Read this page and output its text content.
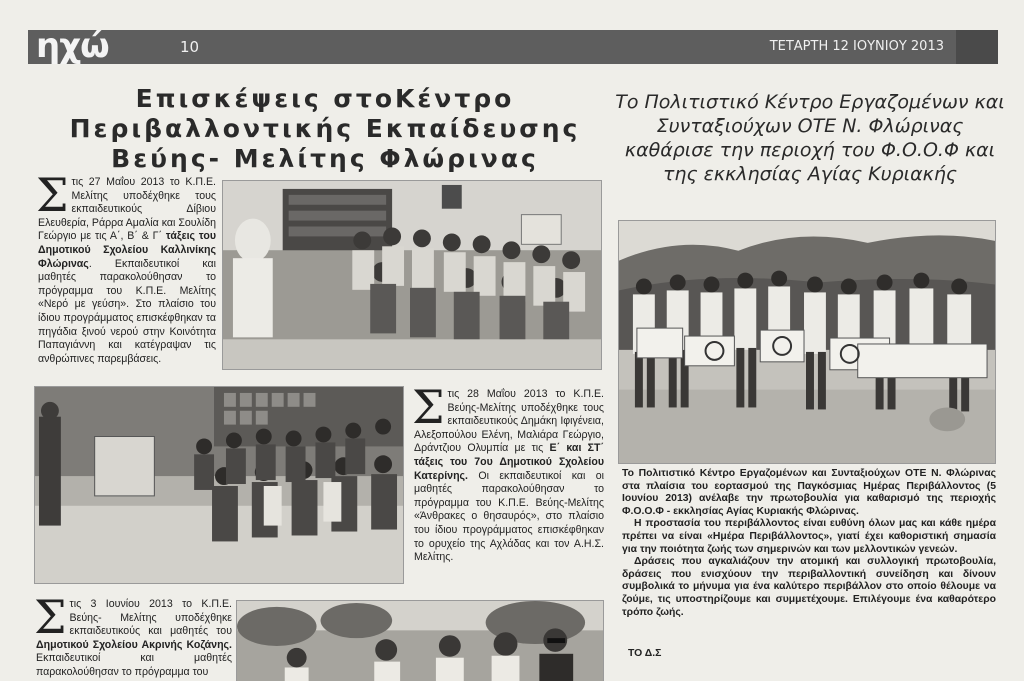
ηχώ	10	ΤΕΤΑΡΤΗ 12 ΙΟΥΝΙΟΥ 2013
Επισκέψεις στοΚέντρο Περιβαλλοντικής Εκπαίδευσης Βεύης- Μελίτης Φλώρινας
Στις 27 Μαΐου 2013 το Κ.Π.Ε. Μελίτης υποδέχθηκε τους εκπαιδευτικούς Δίβιου Ελευθερία, Ράρρα Αμαλία και Σουλίδη Γεώργιο με τις Α΄, Β΄ & Γ΄ τάξεις του Δημοτικού Σχολείου Καλλινίκης Φλώρινας. Εκπαιδευτικοί και μαθητές παρακολούθησαν το πρόγραμμα του Κ.Π.Ε. Μελίτης «Νερό με γεύση». Στο πλαίσιο του ίδιου προγράμματος επισκέφθηκαν τα πηγάδια ξινού νερού στην Κοινότητα Παπαγιάννη και κατέγραψαν τις ανθρώπινες παρεμβάσεις.
Στις 28 Μαΐου 2013 το Κ.Π.Ε. Βεύης-Μελίτης υποδέχθηκε τους εκπαιδευτικούς Δημάκη Ιφιγένεια, Αλεξοπούλου Ελένη, Μαλιάρα Γεώργιο, Δράντζιου Ολυμπία με τις Ε΄ και ΣΤ΄ τάξεις του 7ου Δημοτικού Σχολείου Κατερίνης. Οι εκπαιδευτικοί και οι μαθητές παρακολούθησαν το πρόγραμμα του Κ.Π.Ε. Βεύης-Μελίτης «Άνθρακες ο θησαυρός», στο πλαίσιο του ίδιου προγράμματος επισκέφθηκαν το ορυχείο της Αχλάδας και τον Α.Η.Σ. Μελίτης.
Στις 3 Ιουνίου 2013 το Κ.Π.Ε. Βεύης- Μελίτης υποδέχθηκε εκπαιδευτικούς και μαθητές του Δημοτικού Σχολείου Ακρινής Κοζάνης. Εκπαιδευτικοί και μαθητές παρακολούθησαν το πρόγραμμα του
Το Πολιτιστικό Κέντρο Εργαζομένων και Συνταξιούχων ΟΤΕ Ν. Φλώρινας καθάρισε την περιοχή του Φ.Ο.Ο.Φ και της εκκλησίας Αγίας Κυριακής

Το Πολιτιστικό Κέντρο Εργαζομένων και Συνταξιούχων ΟΤΕ Ν. Φλώρινας στα πλαίσια του εορτασμού της Παγκόσμιας Ημέρας Περιβάλλοντος (5 Ιουνίου 2013) ανέλαβε την πρωτοβουλία για καθαρισμό της περιοχής Φ.Ο.Ο.Φ - εκκλησίας Αγίας Κυριακής Φλώρινας.

Η προστασία του περιβάλλοντος είναι ευθύνη όλων μας και κάθε ημέρα πρέπει να είναι «Ημέρα Περιβάλλοντος», γιατί έχει καθοριστική σημασία για την ποιότητα ζωής των σημερινών και των μελλοντικών γενεών.

Δράσεις που αγκαλιάζουν την ατομική και συλλογική πρωτοβουλία, δράσεις που ενισχύουν την περιβαλλοντική συνείδηση και δίνουν συμβολικά το μήνυμα για ένα καλύτερο περιβάλλον στο οποίο θέλουμε να ζούμε, τις υποστηρίζουμε και συμμετέχουμε. Επιλέγουμε ένα καθαρότερο τρόπο ζωής.

ΤΟ Δ.Σ
